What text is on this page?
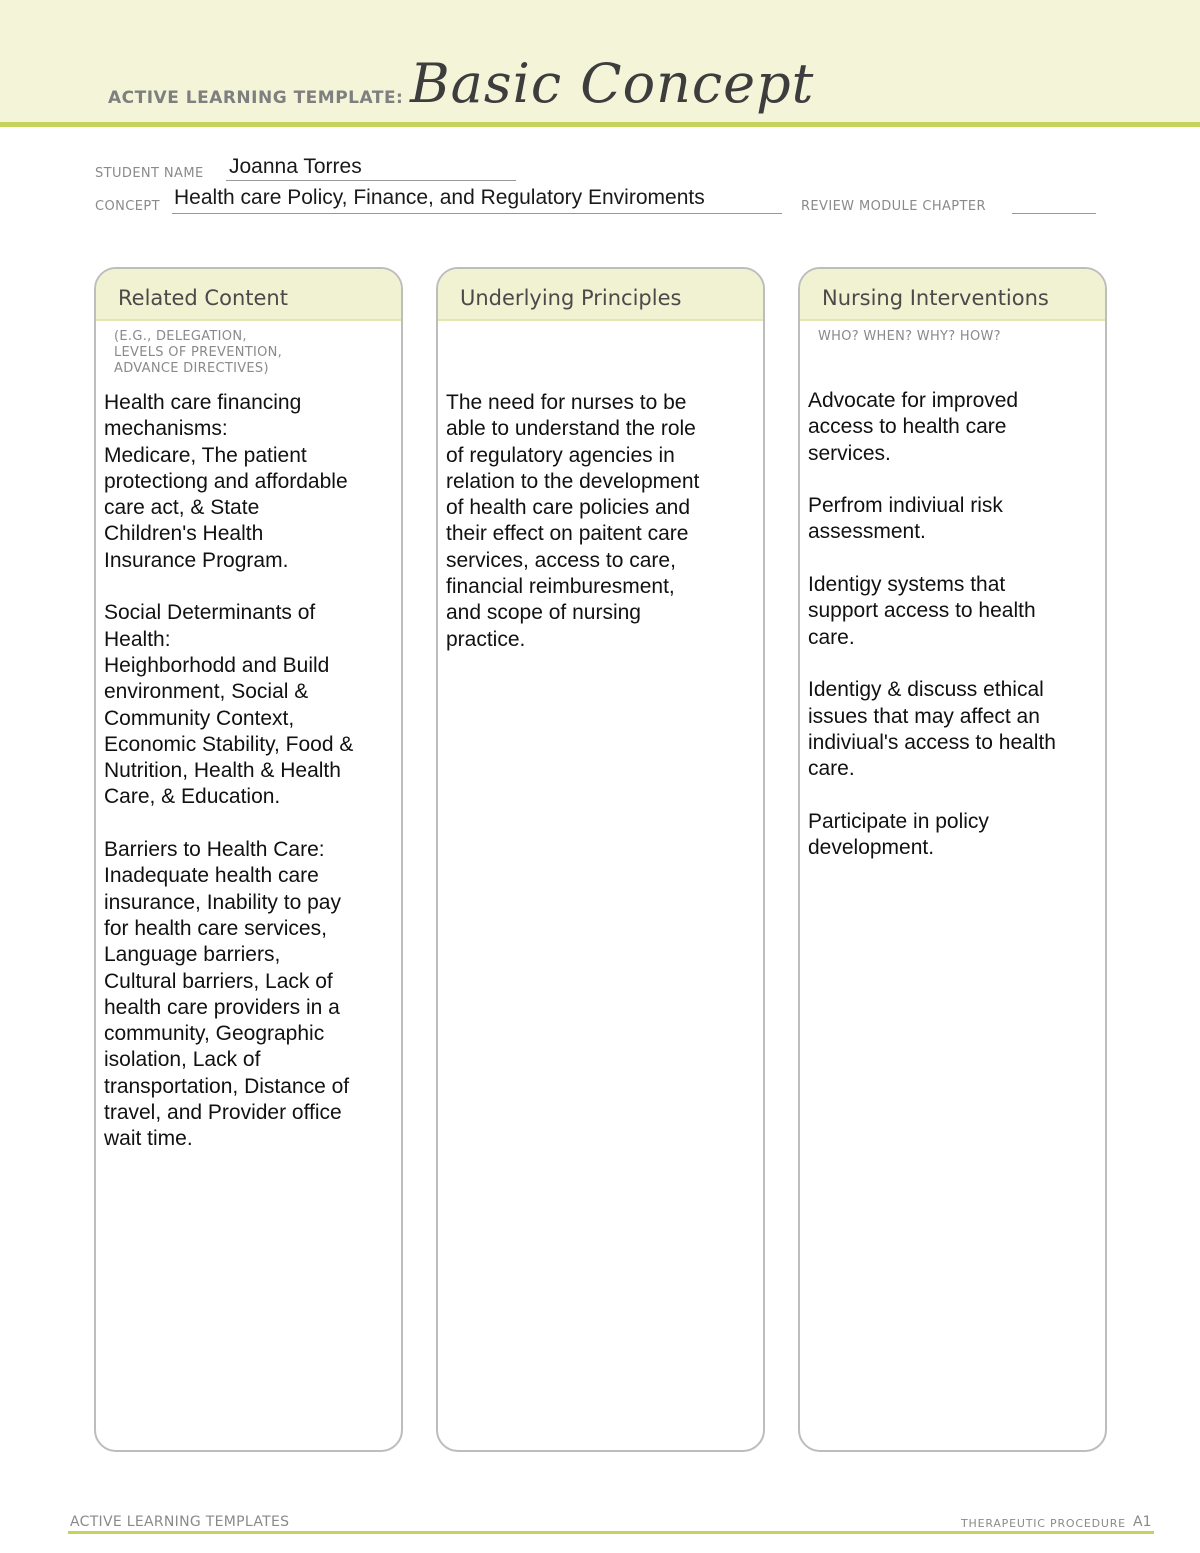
ACTIVE LEARNING TEMPLATE: Basic Concept
STUDENT NAME Joanna Torres
CONCEPT Health care Policy, Finance, and Regulatory Enviroments	REVIEW MODULE CHAPTER
Related Content
(E.G., DELEGATION,
LEVELS OF PREVENTION,
ADVANCE DIRECTIVES)
Health care financing
mechanisms:
Medicare, The patient
protectiong and affordable
care act, & State
Children's Health
Insurance Program.

Social Determinants of
Health:
Heighborhodd and Build
environment, Social &
Community Context,
Economic Stability, Food &
Nutrition, Health & Health
Care, & Education.

Barriers to Health Care:
Inadequate health care
insurance, Inability to pay
for health care services,
Language barriers,
Cultural barriers, Lack of
health care providers in a
community, Geographic
isolation, Lack of
transportation, Distance of
travel, and Provider office
wait time.
Underlying Principles
The need for nurses to be
able to understand the role
of regulatory agencies in
relation to the development
of health care policies and
their effect on paitent care
services, access to care,
financial reimburesment,
and scope of nursing
practice.
Nursing Interventions
WHO? WHEN? WHY? HOW?
Advocate for improved
access to health care
services.

Perfrom indiviual risk
assessment.

Identigy systems that
support access to health
care.

Identigy & discuss ethical
issues that may affect an
indiviual's access to health
care.

Participate in policy
development.
ACTIVE LEARNING TEMPLATES	THERAPEUTIC PROCEDURE A1
